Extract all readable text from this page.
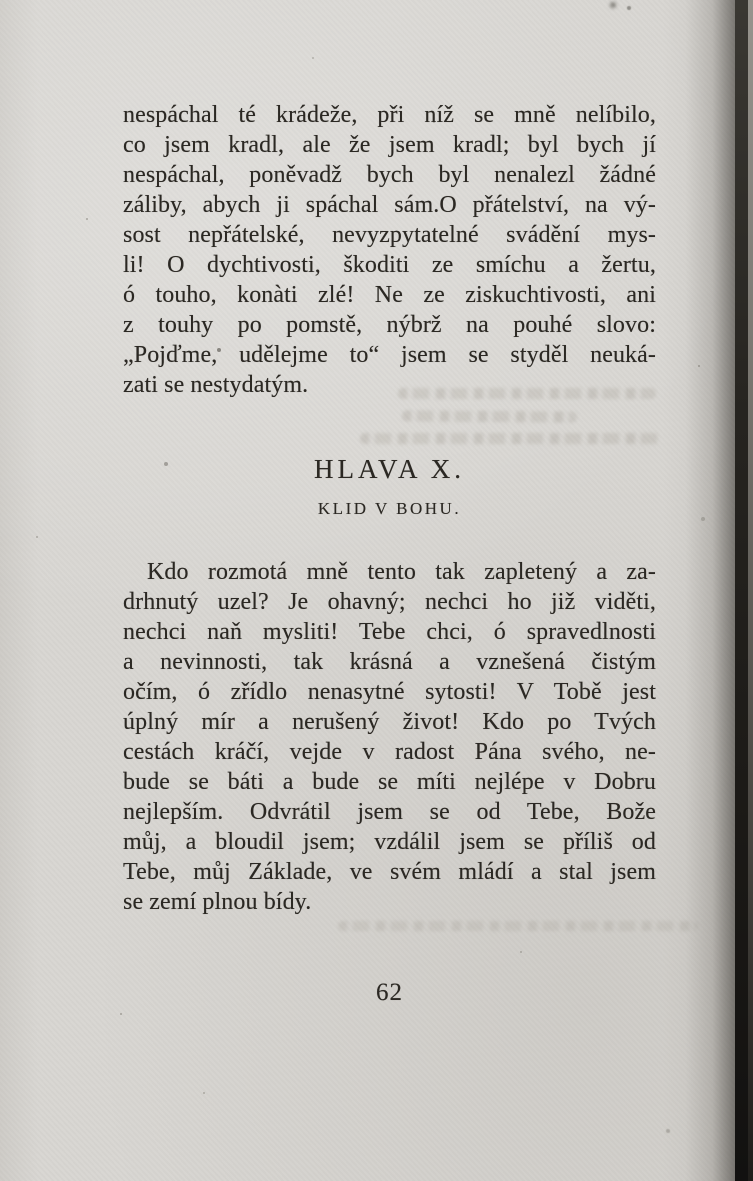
nespáchal té krádeže, při níž se mně nelíbilo,
co jsem kradl, ale že jsem kradl; byl bych jí
nespáchal, poněvadž bych byl nenalezl žádné
záliby, abych ji spáchal sám.O přátelství, na vý-
sost nepřátelské, nevyzpytatelné svádění mys-
li! O dychtivosti, škoditi ze smíchu a žertu,
ó touho, konàti zlé! Ne ze ziskuchtivosti, ani
z touhy po pomstě, nýbrž na pouhé slovo:
„Pojďme, udělejme to“ jsem se styděl neuká-
zati se nestydatým.
HLAVA X.
KLID V BOHU.
Kdo rozmotá mně tento tak zapletený a za-
drhnutý uzel? Je ohavný; nechci ho již viděti,
nechci naň mysliti! Tebe chci, ó spravedlnosti
a nevinnosti, tak krásná a vznešená čistým
očím, ó zřídlo nenasytné sytosti! V Tobě jest
úplný mír a nerušený život! Kdo po Tvých
cestách kráčí, vejde v radost Pána svého, ne-
bude se báti a bude se míti nejlépe v Dobru
nejlepším. Odvrátil jsem se od Tebe, Bože
můj, a bloudil jsem; vzdálil jsem se příliš od
Tebe, můj Základe, ve svém mládí a stal jsem
se zemí plnou bídy.
62
